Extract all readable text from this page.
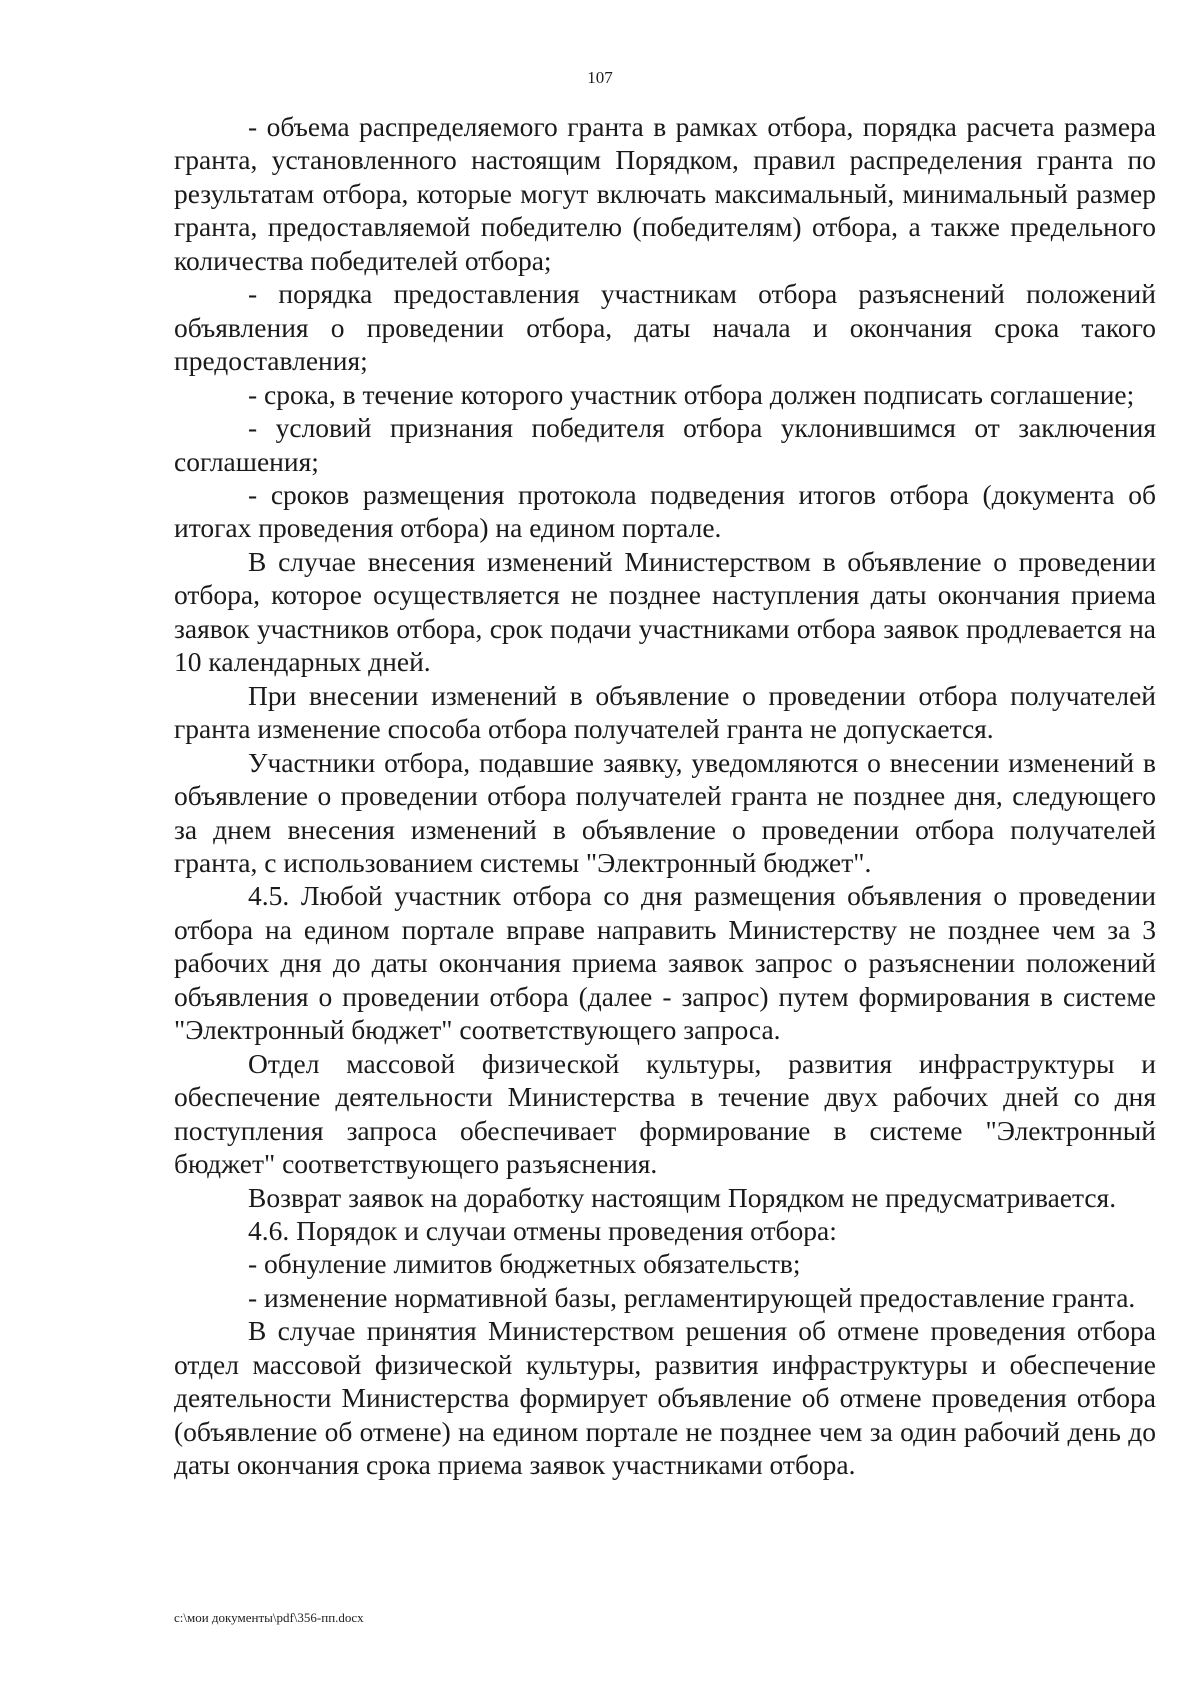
107

- объема распределяемого гранта в рамках отбора, порядка расчета размера гранта, установленного настоящим Порядком, правил распределения гранта по результатам отбора, которые могут включать максимальный, минимальный размер гранта, предоставляемой победителю (победителям) отбора, а также предельного количества победителей отбора;

- порядка предоставления участникам отбора разъяснений положений объявления о проведении отбора, даты начала и окончания срока такого предоставления;

- срока, в течение которого участник отбора должен подписать соглашение;

- условий признания победителя отбора уклонившимся от заключения соглашения;

- сроков размещения протокола подведения итогов отбора (документа об итогах проведения отбора) на едином портале.

В случае внесения изменений Министерством в объявление о проведении отбора, которое осуществляется не позднее наступления даты окончания приема заявок участников отбора, срок подачи участниками отбора заявок продлевается на 10 календарных дней.

При внесении изменений в объявление о проведении отбора получателей гранта изменение способа отбора получателей гранта не допускается.

Участники отбора, подавшие заявку, уведомляются о внесении изменений в объявление о проведении отбора получателей гранта не позднее дня, следующего за днем внесения изменений в объявление о проведении отбора получателей гранта, с использованием системы "Электронный бюджет".

4.5. Любой участник отбора со дня размещения объявления о проведении отбора на едином портале вправе направить Министерству не позднее чем за 3 рабочих дня до даты окончания приема заявок запрос о разъяснении положений объявления о проведении отбора (далее - запрос) путем формирования в системе "Электронный бюджет" соответствующего запроса.

Отдел массовой физической культуры, развития инфраструктуры и обеспечение деятельности Министерства в течение двух рабочих дней со дня поступления запроса обеспечивает формирование в системе "Электронный бюджет" соответствующего разъяснения.

Возврат заявок на доработку настоящим Порядком не предусматривается.

4.6. Порядок и случаи отмены проведения отбора:

- обнуление лимитов бюджетных обязательств;

- изменение нормативной базы, регламентирующей предоставление гранта.

В случае принятия Министерством решения об отмене проведения отбора отдел массовой физической культуры, развития инфраструктуры и обеспечение деятельности Министерства формирует объявление об отмене проведения отбора (объявление об отмене) на едином портале не позднее чем за один рабочий день до даты окончания срока приема заявок участниками отбора.

c:\мои документы\pdf\356-пп.docx
